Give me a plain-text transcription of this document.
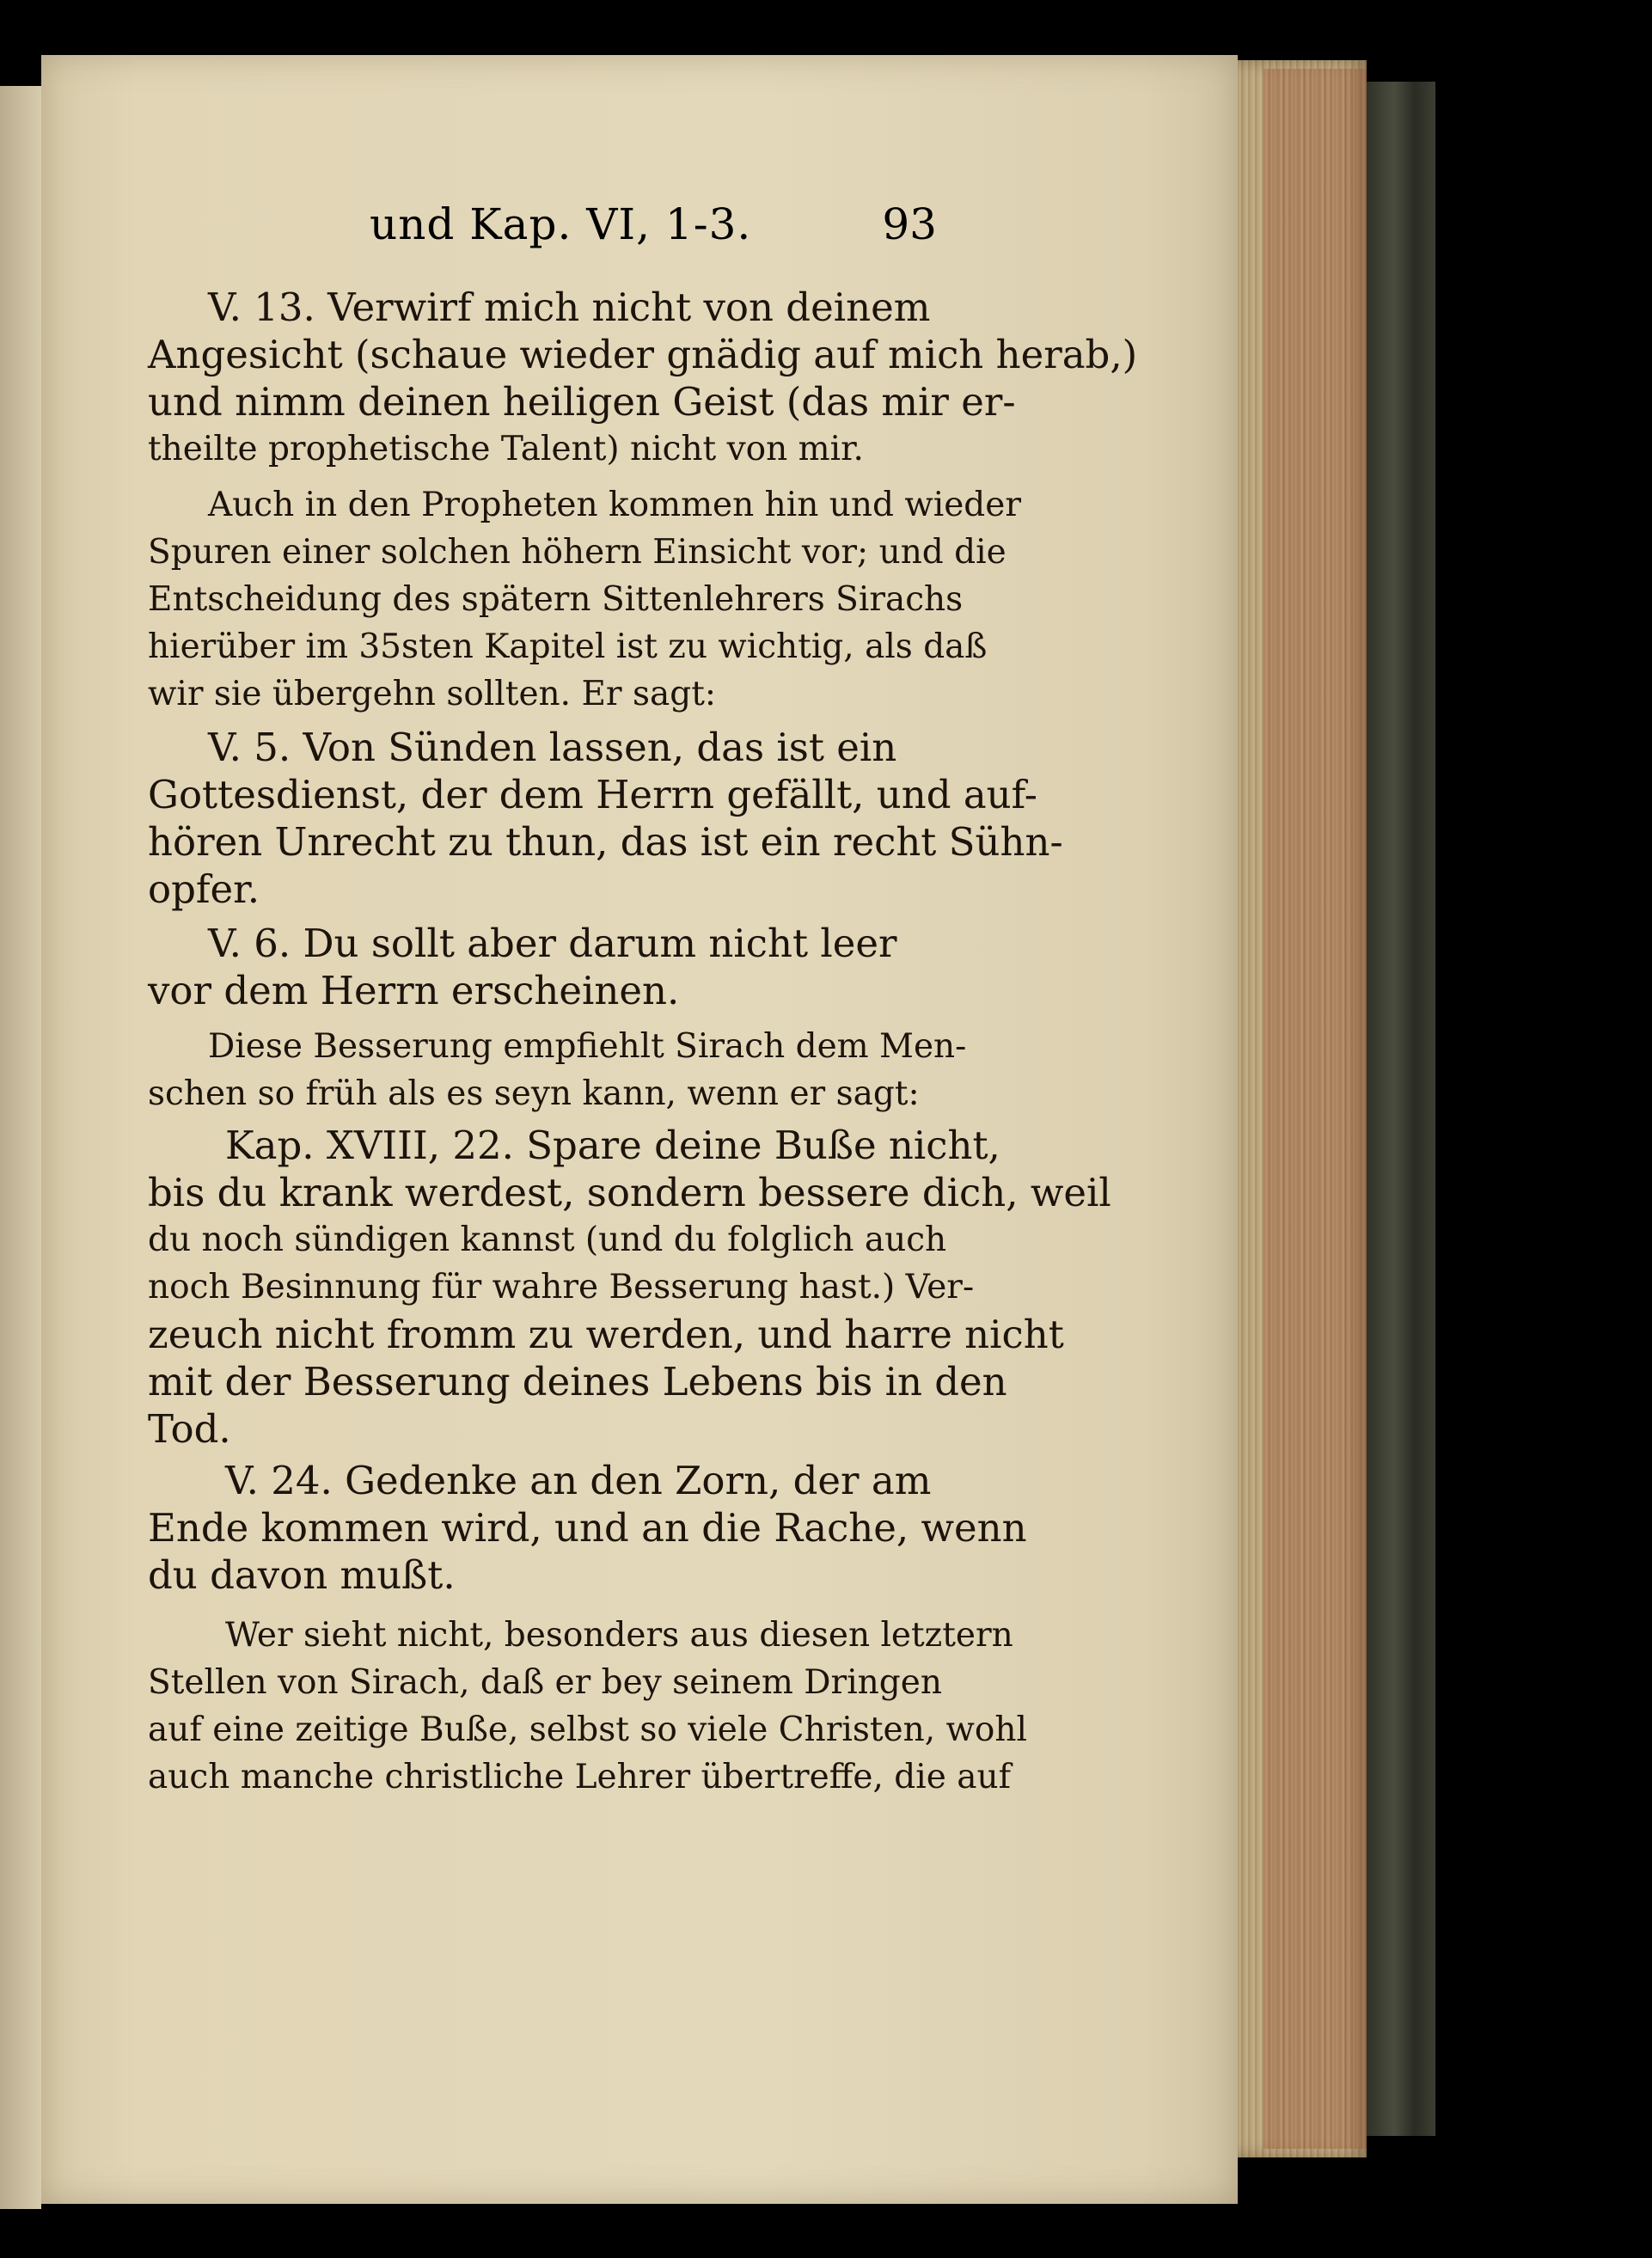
und Kap. VI, 1-3.	93
V. 13. Verwirf mich nicht von deinem
Angesicht (schaue wieder gnädig auf mich herab,)
und nimm deinen heiligen Geist (das mir er-
theilte prophetische Talent) nicht von mir.
Auch in den Propheten kommen hin und wieder
Spuren einer solchen höhern Einsicht vor; und die
Entscheidung des spätern Sittenlehrers Sirachs
hierüber im 35sten Kapitel ist zu wichtig, als daß
wir sie übergehn sollten. Er sagt:
V. 5. Von Sünden lassen, das ist ein
Gottesdienst, der dem Herrn gefällt, und auf-
hören Unrecht zu thun, das ist ein recht Sühn-
opfer.
V. 6. Du sollt aber darum nicht leer
vor dem Herrn erscheinen.
Diese Besserung empfiehlt Sirach dem Men-
schen so früh als es seyn kann, wenn er sagt:
Kap. XVIII, 22. Spare deine Buße nicht,
bis du krank werdest, sondern bessere dich, weil
du noch sündigen kannst (und du folglich auch
noch Besinnung für wahre Besserung hast.) Ver-
zeuch nicht fromm zu werden, und harre nicht
mit der Besserung deines Lebens bis in den
Tod.
V. 24. Gedenke an den Zorn, der am
Ende kommen wird, und an die Rache, wenn
du davon mußt.
Wer sieht nicht, besonders aus diesen letztern
Stellen von Sirach, daß er bey seinem Dringen
auf eine zeitige Buße, selbst so viele Christen, wohl
auch manche christliche Lehrer übertreffe, die auf
